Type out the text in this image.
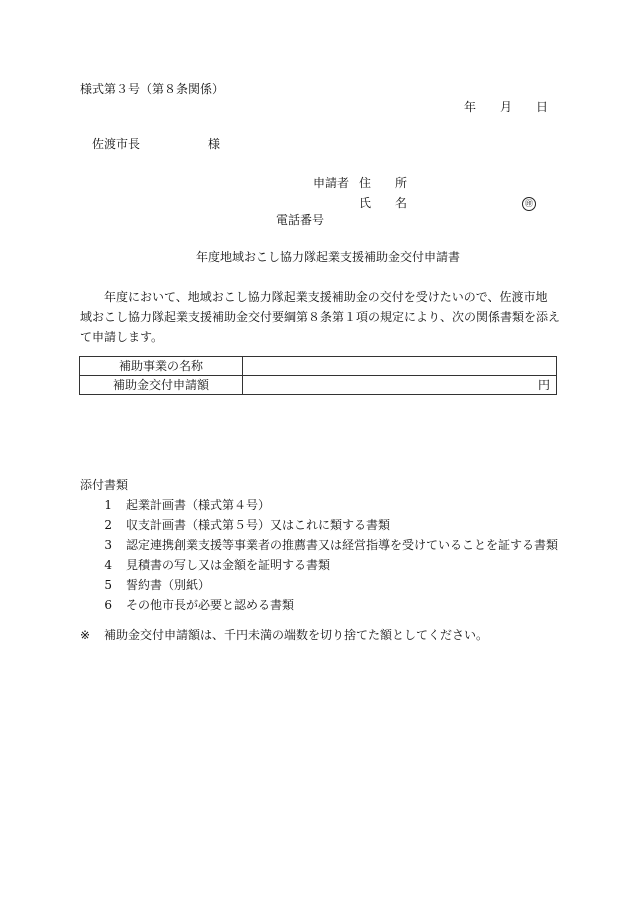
様式第３号（第８条関係）
年 月 日
佐渡市長	様
申請者 住　　所
氏　　名	㊞
電話番号
年度地域おこし協力隊起業支援補助金交付申請書
年度において、地域おこし協力隊起業支援補助金の交付を受けたいので、佐渡市地
域おこし協力隊起業支援補助金交付要綱第８条第１項の規定により、次の関係書類を添え
て申請します。
補助事業の名称	
補助金交付申請額	円
添付書類
1	起業計画書（様式第４号）
2	収支計画書（様式第５号）又はこれに類する書類
3	認定連携創業支援等事業者の推薦書又は経営指導を受けていることを証する書類
4	見積書の写し又は金額を証明する書類
5	誓約書（別紙）
6	その他市長が必要と認める書類
※ 補助金交付申請額は、千円未満の端数を切り捨てた額としてください。
